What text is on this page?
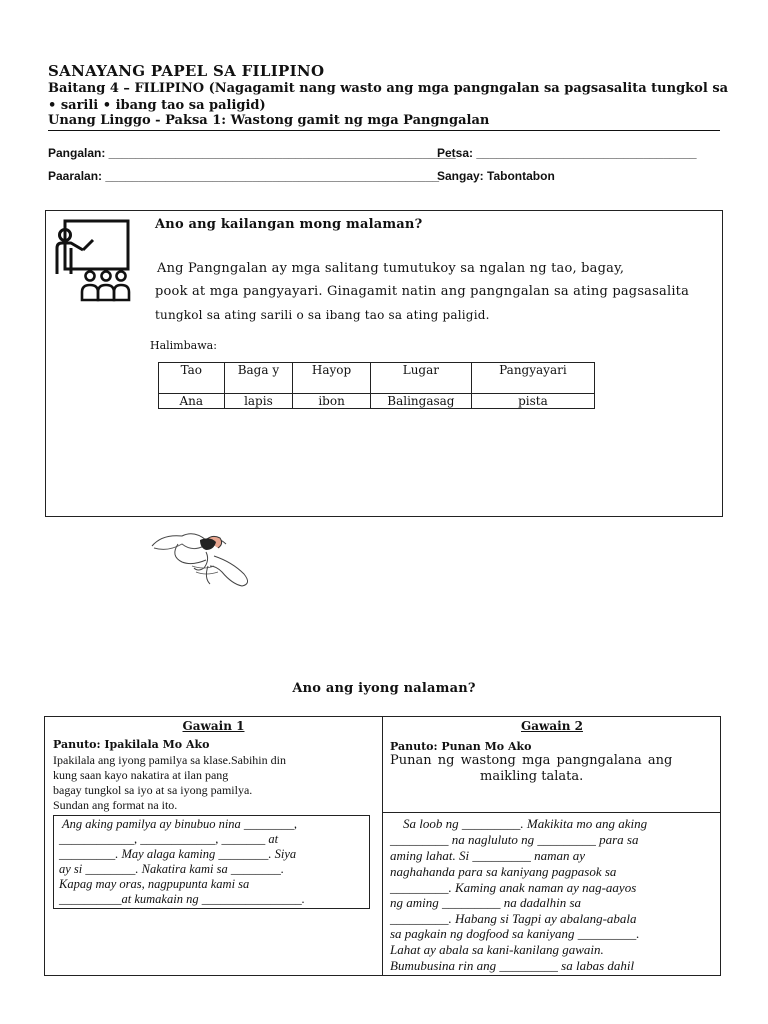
SANAYANG PAPEL SA FILIPINO
Baitang 4 – FILIPINO (Nagagamit nang wasto ang mga pangngalan sa pagsasalita tungkol sa • sarili • ibang tao sa paligid)
Unang Linggo - Paksa 1: Wastong gamit ng mga Pangngalan
Pangalan: ____________________________________________________
Petsa: _________________________________
Paaralan: __________________________________________________
Sangay: Tabontabon
Ano ang kailangan mong malaman?
Ang Pangngalan ay mga salitang tumutukoy sa ngalan ng tao, bagay,
pook at mga pangyayari. Ginagamit natin ang pangngalan sa ating pagsasalita
tungkol sa ating sarili o sa ibang tao sa ating paligid.
Halimbawa:
Tao	Baga y	Hayop	Lugar	Pangyayari
Ana	lapis	ibon	Balingasag	pista
Ano ang iyong nalaman?
Gawain 1
Panuto: Ipakilala Mo Ako
Ipakilala ang iyong pamilya sa klase.Sabihin din
kung saan kayo nakatira at ilan pang
bagay tungkol sa iyo at sa iyong pamilya.
Sundan ang format na ito.
Ang aking pamilya ay binubuo nina ________,
____________, ____________, _______ at
_________. May alaga kaming ________. Siya
ay si ________. Nakatira kami sa ________.
Kapag may oras, nagpupunta kami sa
__________at kumakain ng ________________.
Gawain 2
Panuto: Punan Mo Ako
Punan ng wastong mga pangngalana ang
maikling talata.
Sa loob ng _________. Makikita mo ang aking
_________ na nagluluto ng _________ para sa
aming lahat. Si _________ naman ay
naghahanda para sa kaniyang pagpasok sa
_________. Kaming anak naman ay nag-aayos
ng aming _________ na dadalhin sa
_________. Habang si Tagpi ay abalang-abala
sa pagkain ng dogfood sa kaniyang _________.
Lahat ay abala sa kani-kanilang gawain.
Bumubusina rin ang _________ sa labas dahil
